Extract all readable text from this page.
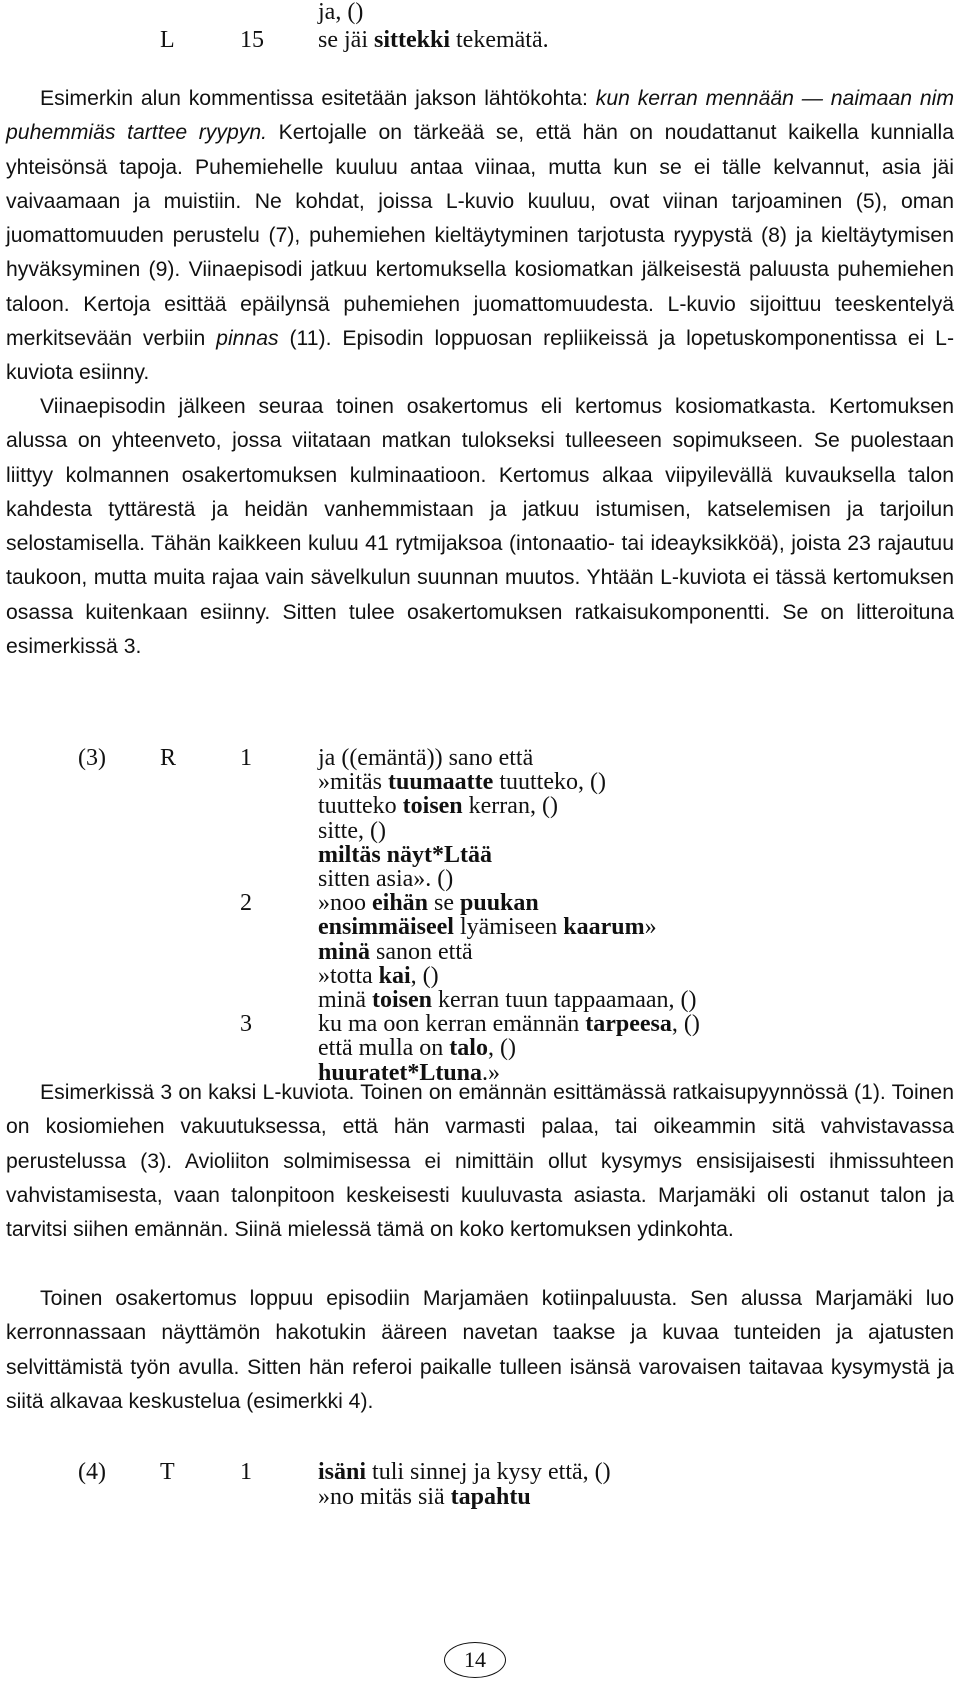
ja, ()
L	15 se jäi sittekki tekemätä.

Esimerkin alun kommentissa esitetään jakson lähtökohta: kun kerran mennään — naimaan nim puhemmiäs tarttee ryypyn. Kertojalle on tärkeää se, että hän on noudattanut kaikella kunnialla yhteisönsä tapoja. Puhemiehelle kuuluu antaa viinaa, mutta kun se ei tälle kelvannut, asia jäi vaivaamaan ja muistiin. Ne kohdat, joissa L-kuvio kuuluu, ovat viinan tarjoaminen (5), oman juomattomuuden perustelu (7), puhemiehen kieltäytyminen tarjotusta ryypystä (8) ja kieltäytymisen hyväksyminen (9). Viinaepisodi jatkuu kertomuksella kosiomatkan jälkeisestä paluusta puhemiehen taloon. Kertoja esittää epäilynsä puhemiehen juomattomuudesta. L-kuvio sijoittuu teeskentelyä merkitsevään verbiin pinnas (11). Episodin loppuosan repliikeissä ja lopetuskomponentissa ei L-kuviota esiinny.

Viinaepisodin jälkeen seuraa toinen osakertomus eli kertomus kosiomatkasta. Kertomuksen alussa on yhteenveto, jossa viitataan matkan tulokseksi tulleeseen sopimukseen. Se puolestaan liittyy kolmannen osakertomuksen kulminaatioon. Kertomus alkaa viipyilevällä kuvauksella talon kahdesta tyttärestä ja heidän vanhemmistaan ja jatkuu istumisen, katselemisen ja tarjoilun selostamisella. Tähän kaikkeen kuluu 41 rytmijaksoa (intonaatio- tai ideayksikköä), joista 23 rajautuu taukoon, mutta muita rajaa vain sävelkulun suunnan muutos. Yhtään L-kuviota ei tässä kertomuksen osassa kuitenkaan esiinny. Sitten tulee osakertomuksen ratkaisukomponentti. Se on litteroituna esimerkissä 3.

(3) R	1	ja ((emäntä)) sano että
»mitäs tuumaatte tuutteko, ()
tuutteko toisen kerran, ()
sitte, ()
miltäs näyt*Ltää
sitten asia». ()
2	»noo eihän se puukan
ensimmäiseel lyämiseen kaarum»
minä sanon että
»totta kai, ()
minä toisen kerran tuun tappaamaan, ()
3	ku ma oon kerran emännän tarpeesa, ()
että mulla on talo, ()
huuratet*Ltuna.»

Esimerkissä 3 on kaksi L-kuviota. Toinen on emännän esittämässä ratkaisupyynnössä (1). Toinen on kosiomiehen vakuutuksessa, että hän varmasti palaa, tai oikeammin sitä vahvistavassa perustelussa (3). Avioliiton solmimisessa ei nimittäin ollut kysymys ensisijaisesti ihmissuhteen vahvistamisesta, vaan talonpitoon keskeisesti kuuluvasta asiasta. Marjamäki oli ostanut talon ja tarvitsi siihen emännän. Siinä mielessä tämä on koko kertomuksen ydinkohta.

Toinen osakertomus loppuu episodiin Marjamäen kotiinpaluusta. Sen alussa Marjamäki luo kerronnassaan näyttämön hakotukin ääreen navetan taakse ja kuvaa tunteiden ja ajatusten selvittämistä työn avulla. Sitten hän referoi paikalle tulleen isänsä varovaisen taitavaa kysymystä ja siitä alkavaa keskustelua (esimerkki 4).

(4) T	1	isäni tuli sinnej ja kysy että, ()
»no mitäs siä tapahtu
14
